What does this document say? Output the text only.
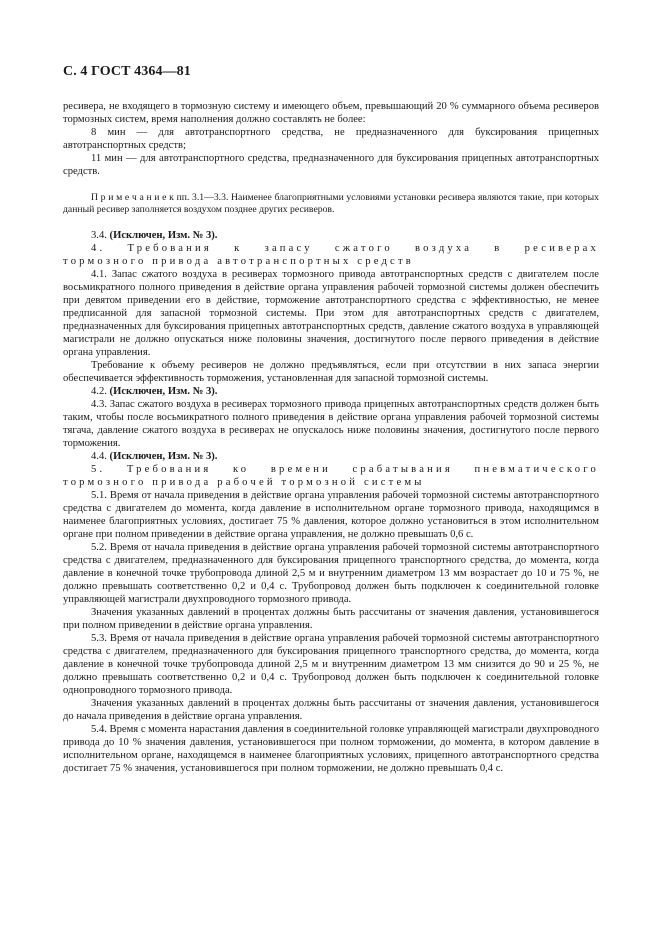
С. 4 ГОСТ 4364—81

ресивера, не входящего в тормозную систему и имеющего объем, превышающий 20 % суммарного объема ресиверов тормозных систем, время наполнения должно составлять не более:

8 мин — для автотранспортного средства, не предназначенного для буксирования прицепных автотранспортных средств;

11 мин — для автотранспортного средства, предназначенного для буксирования прицепных автотранспортных средств.

П р и м е ч а н и е к пп. 3.1—3.3. Наименее благоприятными условиями установки ресивера являются такие, при которых данный ресивер заполняется воздухом позднее других ресиверов.

3.4. (Исключен, Изм. № 3).

4. Требования к запасу сжатого воздуха в ресиверах

тормозного привода автотранспортных средств

4.1. Запас сжатого воздуха в ресиверах тормозного привода автотранспортных средств с двигателем после восьмикратного полного приведения в действие органа управления рабочей тормозной системы должен обеспечить при девятом приведении его в действие, торможение автотранспортного средства с эффективностью, не менее предписанной для запасной тормозной системы. При этом для автотранспортных средств с двигателем, предназначенных для буксирования прицепных автотранспортных средств, давление сжатого воздуха в управляющей магистрали не должно опускаться ниже половины значения, достигнутого после первого приведения в действие органа управления.

Требование к объему ресиверов не должно предъявляться, если при отсутствии в них запаса энергии обеспечивается эффективность торможения, установленная для запасной тормозной системы.

4.2. (Исключен, Изм. № 3).

4.3. Запас сжатого воздуха в ресиверах тормозного привода прицепных автотранспортных средств должен быть таким, чтобы после восьмикратного полного приведения в действие органа управления рабочей тормозной системы тягача, давление сжатого воздуха в ресиверах не опускалось ниже половины значения, достигнутого после первого торможения.

4.4. (Исключен, Изм. № 3).

5. Требования ко времени срабатывания пневматического

тормозного привода рабочей тормозной системы

5.1. Время от начала приведения в действие органа управления рабочей тормозной системы автотранспортного средства с двигателем до момента, когда давление в исполнительном органе тормозного привода, находящимся в наименее благоприятных условиях, достигает 75 % давления, которое должно установиться в этом исполнительном органе при полном приведении в действие органа управления, не должно превышать 0,6 с.

5.2. Время от начала приведения в действие органа управления рабочей тормозной системы автотранспортного средства с двигателем, предназначенного для буксирования прицепного транспортного средства, до момента, когда давление в конечной точке трубопровода длиной 2,5 м и внутренним диаметром 13 мм возрастает до 10 и 75 %, не должно превышать соответственно 0,2 и 0,4 с. Трубопровод должен быть подключен к соединительной головке управляющей магистрали двухпроводного тормозного привода.

Значения указанных давлений в процентах должны быть рассчитаны от значения давления, установившегося при полном приведении в действие органа управления.

5.3. Время от начала приведения в действие органа управления рабочей тормозной системы автотранспортного средства с двигателем, предназначенного для буксирования прицепного транспортного средства, до момента, когда давление в конечной точке трубопровода длиной 2,5 м и внутренним диаметром 13 мм снизится до 90 и 25 %, не должно превышать соответственно 0,2 и 0,4 с. Трубопровод должен быть подключен к соединительной головке однопроводного тормозного привода.

Значения указанных давлений в процентах должны быть рассчитаны от значения давления, установившегося до начала приведения в действие органа управления.

5.4. Время с момента нарастания давления в соединительной головке управляющей магистрали двухпроводного привода до 10 % значения давления, установившегося при полном торможении, до момента, в котором давление в исполнительном органе, находящемся в наименее благоприятных условиях, прицепного автотранспортного средства достигает 75 % значения, установившегося при полном торможении, не должно превышать 0,4 с.
